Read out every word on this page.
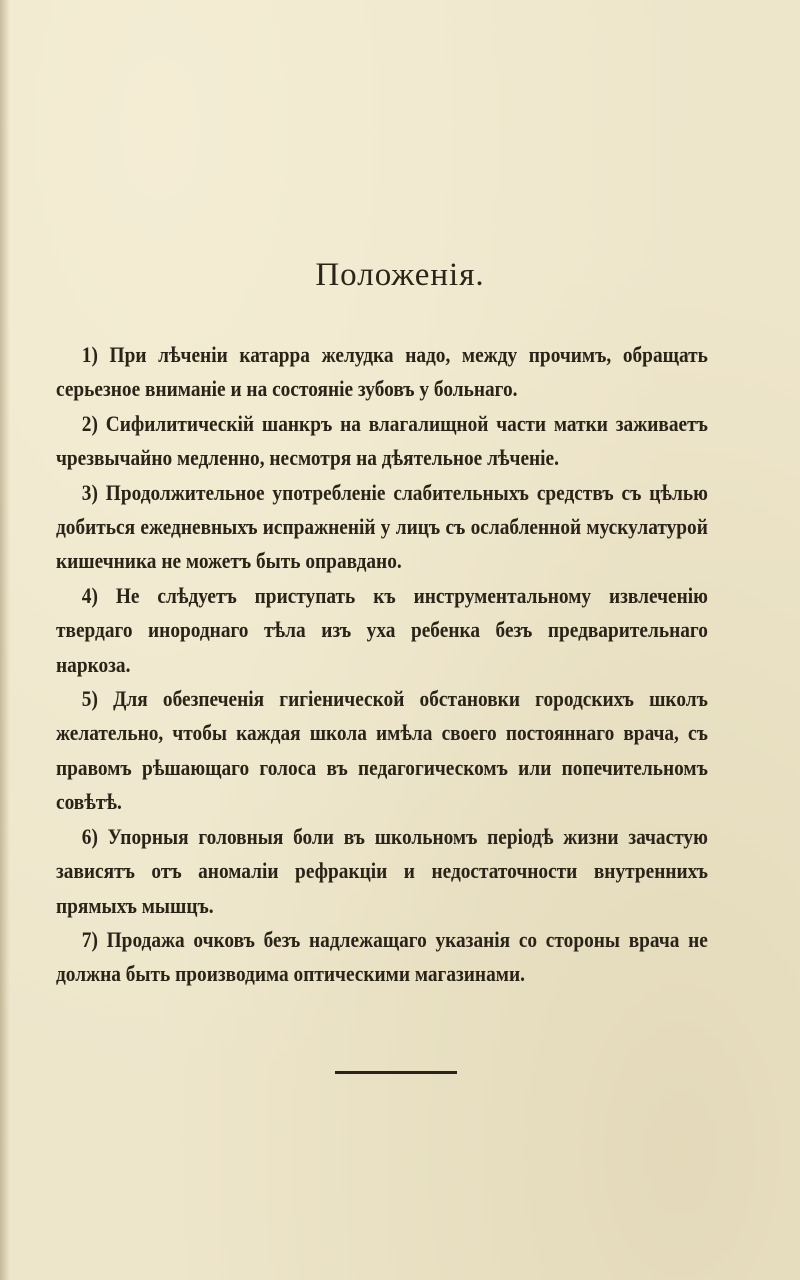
Положенія.

1) При лѣченіи катарра желудка надо, между прочимъ, обращать серьезное вниманіе и на состояніе зубовъ у больнаго.

2) Сифилитическій шанкръ на влагалищной части матки заживаетъ чрезвычайно медленно, несмотря на дѣятельное лѣченіе.

3) Продолжительное употребленіе слабительныхъ средствъ съ цѣлью добиться ежедневныхъ испражненій у лицъ съ ослабленной мускулатурой кишечника не можетъ быть оправдано.

4) Не слѣдуетъ приступать къ инструментальному извлеченію твердаго инороднаго тѣла изъ уха ребенка безъ предварительнаго наркоза.

5) Для обезпеченія гигіенической обстановки городскихъ школъ желательно, чтобы каждая школа имѣла своего постояннаго врача, съ правомъ рѣшающаго голоса въ педагогическомъ или попечительномъ совѣтѣ.

6) Упорныя головныя боли въ школьномъ періодѣ жизни зачастую зависятъ отъ аномаліи рефракціи и недостаточности внутреннихъ прямыхъ мышцъ.

7) Продажа очковъ безъ надлежащаго указанія со стороны врача не должна быть производима оптическими магазинами.
